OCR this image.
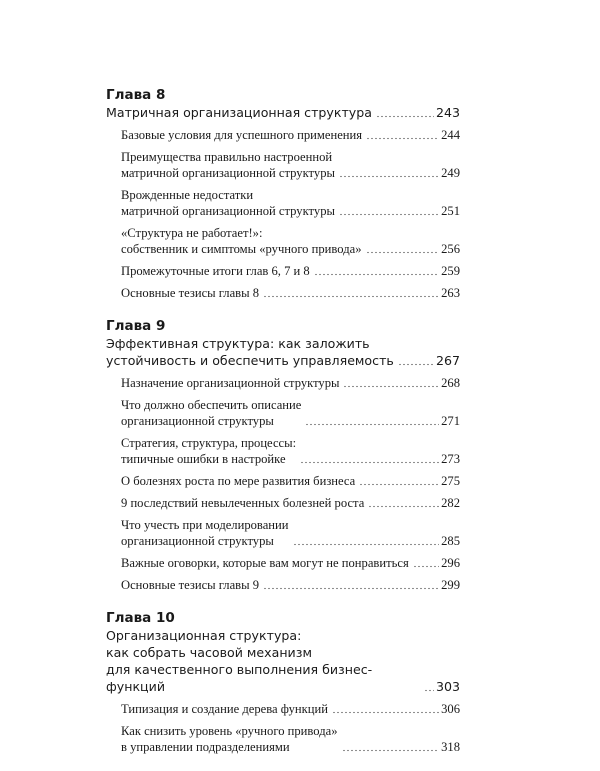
Глава 8
Матричная организационная структура	243
Базовые условия для успешного применения	244
Преимущества правильно настроенной
матричной организационной структуры	249
Врожденные недостатки
матричной организационной структуры	251
«Структура не работает!»:
собственник и симптомы «ручного привода»	256
Промежуточные итоги глав 6, 7 и 8	259
Основные тезисы главы 8	263
Глава 9
Эффективная структура: как заложить
устойчивость и обеспечить управляемость	267
Назначение организационной структуры	268
Что должно обеспечить описание
организационной структуры	271
Стратегия, структура, процессы:
типичные ошибки в настройке	273
О болезнях роста по мере развития бизнеса	275
9 последствий невылеченных болезней роста	282
Что учесть при моделировании
организационной структуры	285
Важные оговорки, которые вам могут не понравиться	296
Основные тезисы главы 9	299
Глава 10
Организационная структура:
как собрать часовой механизм
для качественного выполнения бизнес-функций	303
Типизация и создание дерева функций	306
Как снизить уровень «ручного привода»
в управлении подразделениями	318
